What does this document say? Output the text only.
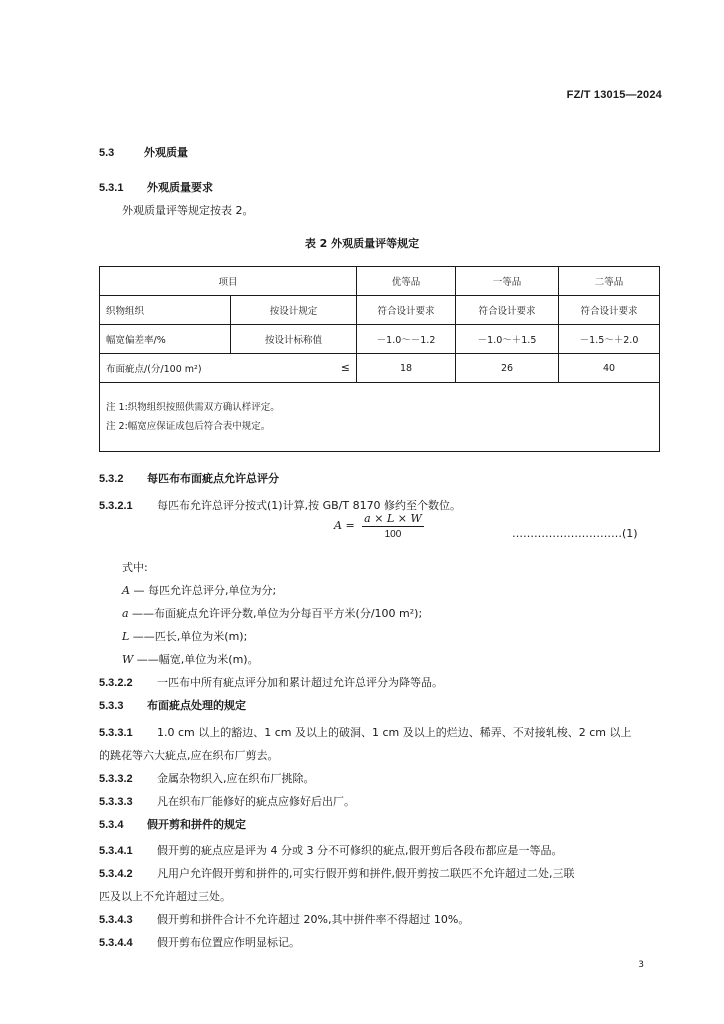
FZ/T 13015—2024
5.3	外观质量
5.3.1 外观质量要求
外观质量评等规定按表 2。
表 2 外观质量评等规定
项目		优等品	一等品	二等品
织物组织	按设计规定	符合设计要求	符合设计要求	符合设计要求
幅宽偏差率/%	按设计标称值	－1.0～－1.2	－1.0～＋1.5	－1.5～＋2.0
布面疵点/(分/100 m²) ≤		18	26	40

注 1:织物组织按照供需双方确认样评定。
注 2:幅宽应保证成包后符合表中规定。				
5.3.2 每匹布布面疵点允许总评分
5.3.2.1 每匹布允许总评分按式(1)计算,按 GB/T 8170 修约至个数位。
$A = \frac{a \times L \times W}{100}$	…………………………(1)
式中:
A — 每匹允许总评分,单位为分;
a ——布面疵点允许评分数,单位为分每百平方米(分/100 m²);
L ——匹长,单位为米(m);
W ——幅宽,单位为米(m)。
5.3.2.2 一匹布中所有疵点评分加和累计超过允许总评分为降等品。
5.3.3 布面疵点处理的规定
5.3.3.1 1.0 cm 以上的豁边、1 cm 及以上的破洞、1 cm 及以上的烂边、稀弄、不对接轧梭、2 cm 以上
的跳花等六大疵点,应在织布厂剪去。
5.3.3.2 金属杂物织入,应在织布厂挑除。
5.3.3.3 凡在织布厂能修好的疵点应修好后出厂。
5.3.4 假开剪和拼件的规定
5.3.4.1 假开剪的疵点应是评为 4 分或 3 分不可修织的疵点,假开剪后各段布都应是一等品。
5.3.4.2 凡用户允许假开剪和拼件的,可实行假开剪和拼件,假开剪按二联匹不允许超过二处,三联
匹及以上不允许超过三处。
5.3.4.3 假开剪和拼件合计不允许超过 20%,其中拼件率不得超过 10%。
5.3.4.4 假开剪布位置应作明显标记。
3
